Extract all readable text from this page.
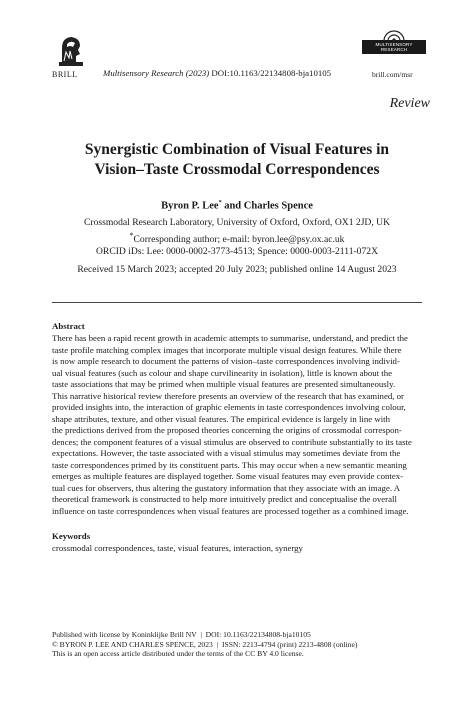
BRILL	Multisensory Research (2023) DOI:10.1163/22134808-bja10105
MULTISENSORY RESEARCH
brill.com/msr
Review
Synergistic Combination of Visual Features in
Vision–Taste Crossmodal Correspondences
Byron P. Lee* and Charles Spence
Crossmodal Research Laboratory, University of Oxford, Oxford, OX1 2JD, UK
*Corresponding author; e-mail: byron.lee@psy.ox.ac.uk
ORCID iDs: Lee: 0000-0002-3773-4513; Spence: 0000-0003-2111-072X
Received 15 March 2023; accepted 20 July 2023; published online 14 August 2023
Abstract
There has been a rapid recent growth in academic attempts to summarise, understand, and predict the
taste profile matching complex images that incorporate multiple visual design features. While there
is now ample research to document the patterns of vision–taste correspondences involving individ-
ual visual features (such as colour and shape curvilinearity in isolation), little is known about the
taste associations that may be primed when multiple visual features are presented simultaneously.
This narrative historical review therefore presents an overview of the research that has examined, or
provided insights into, the interaction of graphic elements in taste correspondences involving colour,
shape attributes, texture, and other visual features. The empirical evidence is largely in line with
the predictions derived from the proposed theories concerning the origins of crossmodal correspon-
dences; the component features of a visual stimulus are observed to contribute substantially to its taste
expectations. However, the taste associated with a visual stimulus may sometimes deviate from the
taste correspondences primed by its constituent parts. This may occur when a new semantic meaning
emerges as multiple features are displayed together. Some visual features may even provide contex-
tual cues for observers, thus altering the gustatory information that they associate with an image. A
theoretical framework is constructed to help more intuitively predict and conceptualise the overall
influence on taste correspondences when visual features are processed together as a combined image.
Keywords
crossmodal correspondences, taste, visual features, interaction, synergy
Published with license by Koninklijke Brill NV  |  DOI: 10.1163/22134808-bja10105
© BYRON P. LEE AND CHARLES SPENCE, 2023  |  ISSN: 2213-4794 (print) 2213-4808 (online)
This is an open access article distributed under the terms of the CC BY 4.0 license.
